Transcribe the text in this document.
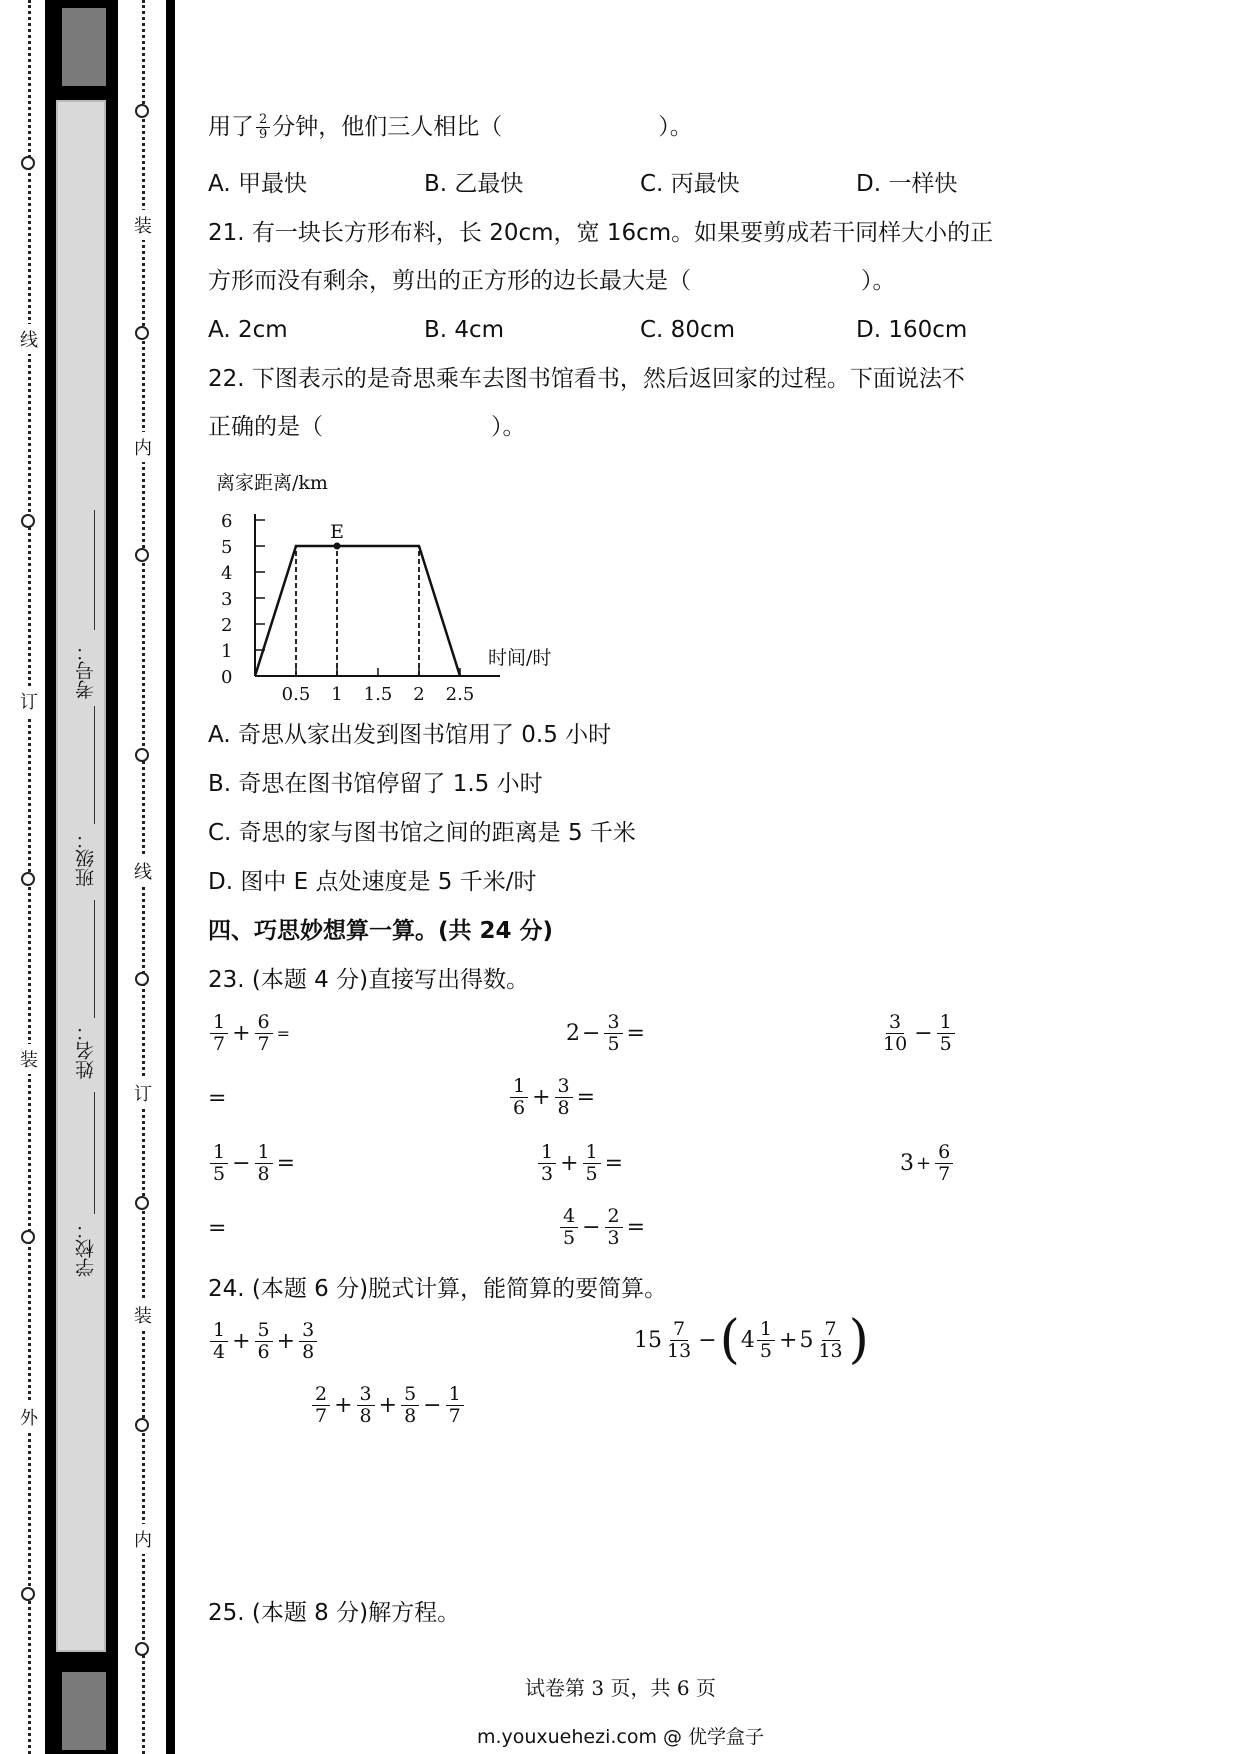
线
订
装
外
装
内
线
订
装
内
考号：
班级：
姓名：
学校：
用了 $\frac{2}{9}$ 分钟，他们三人相比（	）。
A. 甲最快	B. 乙最快	C. 丙最快	D. 一样快
21. 有一块长方形布料，长 20cm，宽 16cm。如果要剪成若干同样大小的正
方形而没有剩余，剪出的正方形的边长最大是（	）。
A. 2cm	B. 4cm	C. 80cm	D. 160cm
22. 下图表示的是奇思乘车去图书馆看书，然后返回家的过程。下面说法不
正确的是（	）。
离家距离/km
时间/时
0
1
2
3
4
5
6
0.5 1 1.5 2 2.5
E
A. 奇思从家出发到图书馆用了 0.5 小时
B. 奇思在图书馆停留了 1.5 小时
C. 奇思的家与图书馆之间的距离是 5 千米
D. 图中 E 点处速度是 5 千米/时
四、巧思妙想算一算。(共 24 分)
23. (本题 4 分)直接写出得数。
$\frac{1}{7} + \frac{6}{7}$ =	$2 - \frac{3}{5}$ =	$\frac{3}{10} - \frac{1}{5}$
=	$\frac{1}{6} + \frac{3}{8}$ =
$\frac{1}{5} - \frac{1}{8}$ =	$\frac{1}{3} + \frac{1}{5}$ =	$3 + \frac{6}{7}$
=	$\frac{4}{5} - \frac{2}{3}$ =
24. (本题 6 分)脱式计算，能简算的要简算。
$\frac{1}{4} + \frac{5}{6} + \frac{3}{8}$	$15 \frac{7}{13}$ − ( $4 \frac{1}{5} + 5 \frac{7}{13}$ )
$\frac{2}{7} + \frac{3}{8} + \frac{5}{8} - \frac{1}{7}$
25. (本题 8 分)解方程。
试卷第 3 页，共 6 页
m.youxuehezi.com @ 优学盒子
